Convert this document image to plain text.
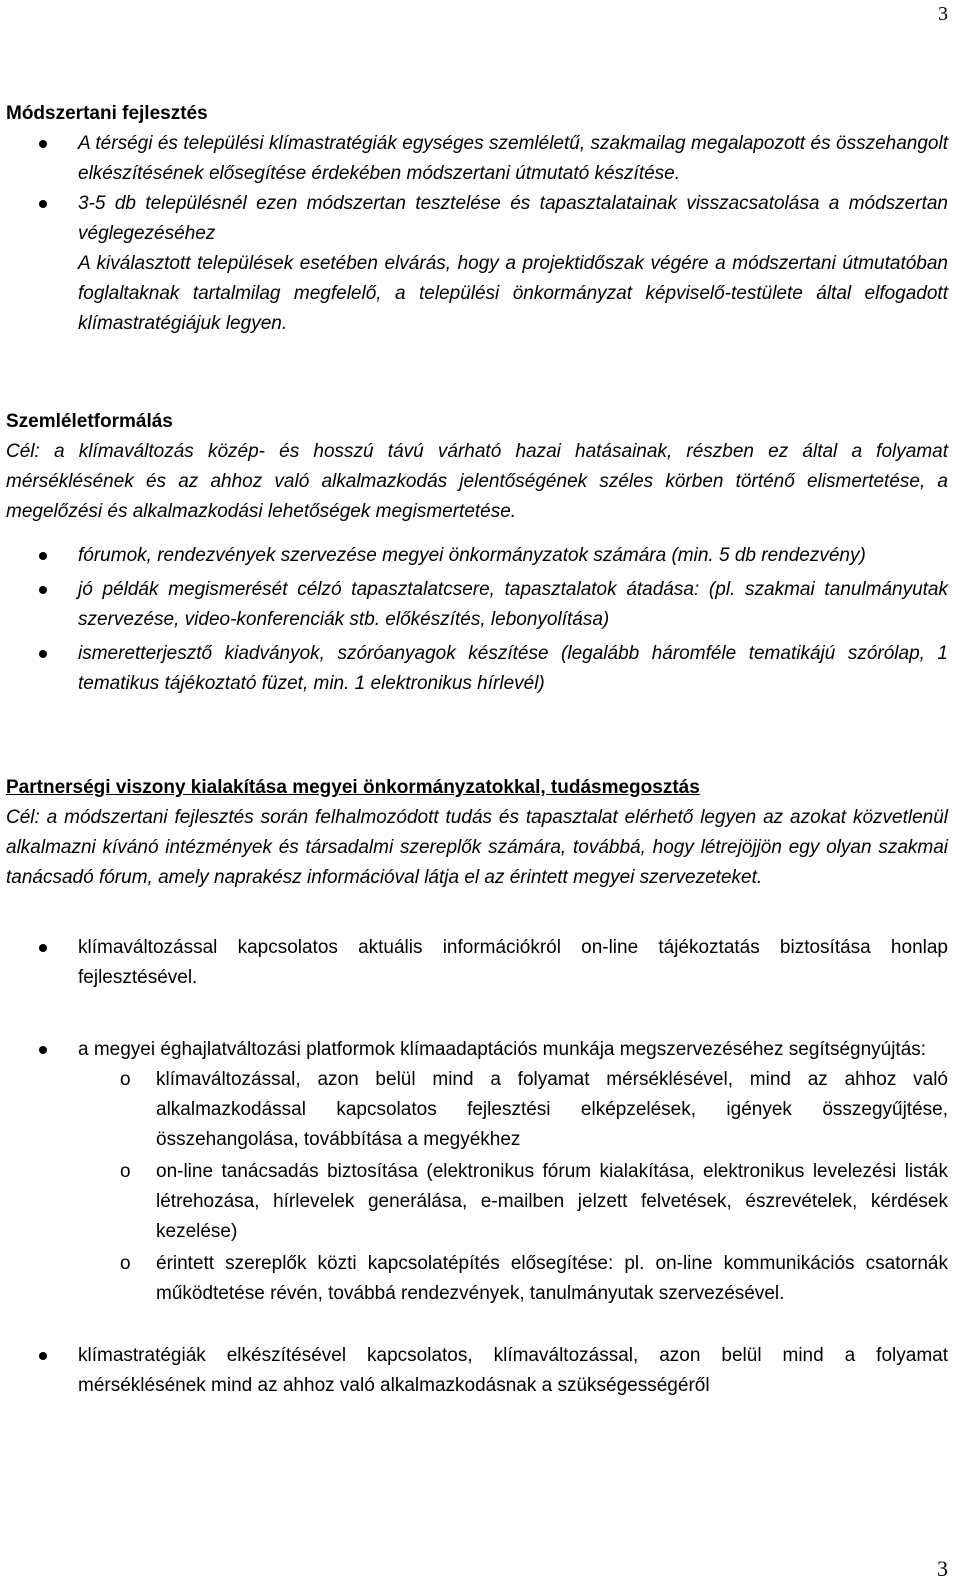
3

Módszertani fejlesztés

A térségi és települési klímastratégiák egységes szemléletű, szakmailag megalapozott és összehangolt elkészítésének elősegítése érdekében módszertani útmutató készítése.
3-5 db településnél ezen módszertan tesztelése és tapasztalatainak visszacsatolása a módszertan véglegezéséhez

A kiválasztott települések esetében elvárás, hogy a projektidőszak végére a módszertani útmutatóban foglaltaknak tartalmilag megfelelő, a települési önkormányzat képviselő-testülete által elfogadott klímastratégiájuk legyen.

Szemléletformálás

Cél: a klímaváltozás közép- és hosszú távú várható hazai hatásainak, részben ez által a folyamat mérséklésének és az ahhoz való alkalmazkodás jelentőségének széles körben történő elismertetése, a megelőzési és alkalmazkodási lehetőségek megismertetése.

fórumok, rendezvények szervezése megyei önkormányzatok számára (min. 5 db rendezvény)
jó példák megismerését célzó tapasztalatcsere, tapasztalatok átadása: (pl. szakmai tanulmányutak szervezése, video-konferenciák stb. előkészítés, lebonyolítása)
ismeretterjesztő kiadványok, szóróanyagok készítése (legalább háromféle tematikájú szórólap, 1 tematikus tájékoztató füzet, min. 1 elektronikus hírlevél)

Partnerségi viszony kialakítása megyei önkormányzatokkal, tudásmegosztás

Cél: a módszertani fejlesztés során felhalmozódott tudás és tapasztalat elérhető legyen az azokat közvetlenül alkalmazni kívánó intézmények és társadalmi szereplők számára, továbbá, hogy létrejöjjön egy olyan szakmai tanácsadó fórum, amely naprakész információval látja el az érintett megyei szervezeteket.

klímaváltozással kapcsolatos aktuális információkról on-line tájékoztatás biztosítása honlap fejlesztésével.
a megyei éghajlatváltozási platformok klímaadaptációs munkája megszervezéséhez segítségnyújtás:
o klímaváltozással, azon belül mind a folyamat mérséklésével, mind az ahhoz való alkalmazkodással kapcsolatos fejlesztési elképzelések, igények összegyűjtése, összehangolása, továbbítása a megyékhez
o on-line tanácsadás biztosítása (elektronikus fórum kialakítása, elektronikus levelezési listák létrehozása, hírlevelek generálása, e-mailben jelzett felvetések, észrevételek, kérdések kezelése)
o érintett szereplők közti kapcsolatépítés elősegítése: pl. on-line kommunikációs csatornák működtetése révén, továbbá rendezvények, tanulmányutak szervezésével.
klímastratégiák elkészítésével kapcsolatos, klímaváltozással, azon belül mind a folyamat mérséklésének mind az ahhoz való alkalmazkodásnak a szükségességéről
3
